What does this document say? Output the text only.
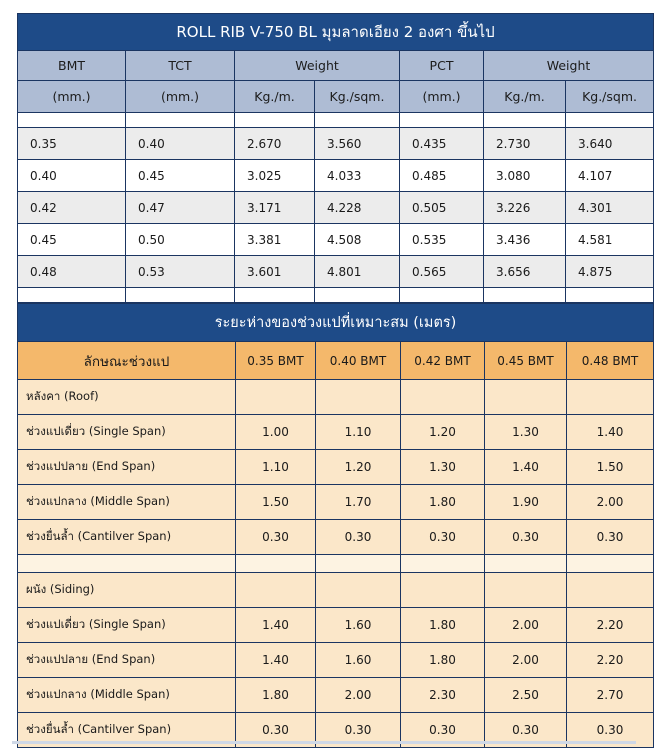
ROLL RIB V-750 BL มุมลาดเอียง 2 องศา ขึ้นไป						
BMT	TCT	Weight		PCT	Weight	
(mm.)	(mm.)	Kg./m.	Kg./sqm.	(mm.)	Kg./m.	Kg./sqm.

0.35	0.40	2.670	3.560	0.435	2.730	3.640
0.40	0.45	3.025	4.033	0.485	3.080	4.107
0.42	0.47	3.171	4.228	0.505	3.226	4.301
0.45	0.50	3.381	4.508	0.535	3.436	4.581
0.48	0.53	3.601	4.801	0.565	3.656	4.875

ระยะห่างของช่วงแปที่เหมาะสม (เมตร)					
ลักษณะช่วงแป	0.35 BMT	0.40 BMT	0.42 BMT	0.45 BMT	0.48 BMT
หลังคา (Roof)					
ช่วงแปเดี่ยว (Single Span)	1.00	1.10	1.20	1.30	1.40
ช่วงแปปลาย (End Span)	1.10	1.20	1.30	1.40	1.50
ช่วงแปกลาง (Middle Span)	1.50	1.70	1.80	1.90	2.00
ช่วงยื่นล้ำ (Cantilver Span)	0.30	0.30	0.30	0.30	0.30

ผนัง (Siding)					
ช่วงแปเดี่ยว (Single Span)	1.40	1.60	1.80	2.00	2.20
ช่วงแปปลาย (End Span)	1.40	1.60	1.80	2.00	2.20
ช่วงแปกลาง (Middle Span)	1.80	2.00	2.30	2.50	2.70
ช่วงยื่นล้ำ (Cantilver Span)	0.30	0.30	0.30	0.30	0.30
